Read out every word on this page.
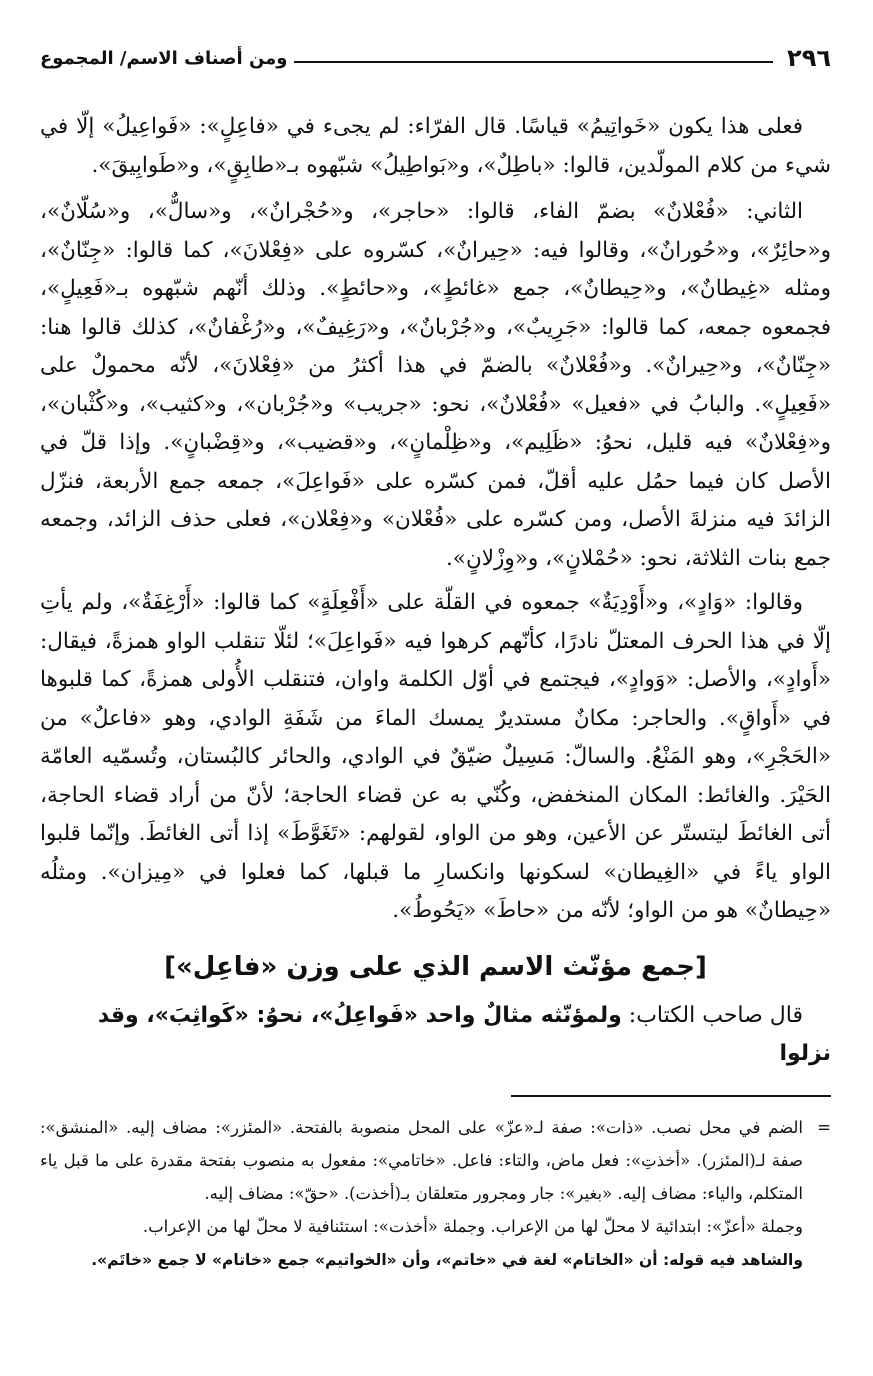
٢٩٦
ومن أصناف الاسم/ المجموع

فعلى هذا يكون «خَواتِيمُ» قياسًا. قال الفرّاء: لم يجىء في «فاعِلٍ»: «فَواعِيلُ» إلّا في شيء من كلام المولّدين، قالوا: «باطِلٌ»، و«بَواطِيلُ» شبّهوه بـ«طابِقٍ»، و«طَوابِيقَ».

الثاني: «فُعْلانٌ» بضمّ الفاء، قالوا: «حاجر»، و«حُجْرانٌ»، و«سالٌّ»، و«سُلّانٌ»، و«حائِرٌ»، و«حُورانٌ»، وقالوا فيه: «حِيرانٌ»، كسّروه على «فِعْلانَ»، كما قالوا: «جِنّانٌ»، ومثله «غِيطانٌ»، و«حِيطانٌ»، جمع «غائطٍ»، و«حائطٍ». وذلك أنّهم شبّهوه بـ«فَعِيلٍ»، فجمعوه جمعه، كما قالوا: «جَرِيبٌ»، و«جُرْبانٌ»، و«رَغِيفٌ»، و«رُغْفانٌ»، كذلك قالوا هنا: «جِنّانٌ»، و«حِيرانٌ». و«فُعْلانٌ» بالضمّ في هذا أكثرُ من «فِعْلانَ»، لأنّه محمولٌ على «فَعِيلٍ». والبابُ في «فعيل» «فُعْلانٌ»، نحو: «جريب» و«جُرْبان»، و«كثيب»، و«كُثْبان»، و«فِعْلانٌ» فيه قليل، نحوُ: «ظَلِيم»، و«ظِلْمانٍ»، و«قضيب»، و«قِضْبانٍ». وإذا قلّ في الأصل كان فيما حمُل عليه أقلّ، فمن كسّره على «فَواعِلَ»، جمعه جمع الأربعة، فنزّل الزائدَ فيه منزلةَ الأصل، ومن كسّره على «فُعْلان» و«فِعْلان»، فعلى حذف الزائد، وجمعه جمع بنات الثلاثة، نحو: «حُمْلانٍ»، و«وِزْلانٍ».

وقالوا: «وَادٍ»، و«أَوْدِيَةٌ» جمعوه في القلّة على «أَفْعِلَةٍ» كما قالوا: «أَرْغِفَةٌ»، ولم يأتِ إلّا في هذا الحرف المعتلّ نادرًا، كأنّهم كرهوا فيه «فَواعِلَ»؛ لئلّا تنقلب الواو همزةً، فيقال: «أَوادٍ»، والأصل: «وَوادٍ»، فيجتمع في أوّل الكلمة واوان، فتنقلب الأُولى همزةً، كما قلبوها في «أَواقٍ». والحاجر: مكانٌ مستديرٌ يمسك الماءَ من شَفَةِ الوادي، وهو «فاعلٌ» من «الحَجْرِ»، وهو المَنْعُ. والسالّ: مَسِيلٌ ضيّقٌ في الوادي، والحائر كالبُستان، وتُسمّيه العامّة الحَيْرَ. والغائط: المكان المنخفض، وكُنّي به عن قضاء الحاجة؛ لأنّ من أراد قضاء الحاجة، أتى الغائطَ ليتستّر عن الأعين، وهو من الواو، لقولهم: «تَغَوَّطَ» إذا أتى الغائطَ. وإنّما قلبوا الواو ياءً في «الغِيطان» لسكونها وانكسارِ ما قبلها، كما فعلوا في «مِيزان». ومثلُه «حِيطانٌ» هو من الواو؛ لأنّه من «حاطَ» «يَحُوطُ».

[جمع مؤنّث الاسم الذي على وزن «فاعِل»]

قال صاحب الكتاب: ولمؤنّثه مثالٌ واحد «فَواعِلُ»، نحوُ: «كَواثِبَ»، وقد نزلوا

=
الضم في محل نصب. «ذات»: صفة لـ«عزّ» على المحل منصوبة بالفتحة. «المئزر»: مضاف إليه. «المنشق»: صفة لـ(المئزر). «أخذتِ»: فعل ماض، والتاء: فاعل. «خاتامي»: مفعول به منصوب بفتحة مقدرة على ما قبل ياء المتكلم، والياء: مضاف إليه. «بغير»: جار ومجرور متعلقان بـ(أخذت). «حقّ»: مضاف إليه.

وجملة «أعزّ»: ابتدائية لا محلّ لها من الإعراب. وجملة «أخذت»: استئنافية لا محلّ لها من الإعراب.

والشاهد فيه قوله: أن «الخاتام» لغة في «خاتم»، وأن «الخواتيم» جمع «خاتام» لا جمع «خاتَم».
